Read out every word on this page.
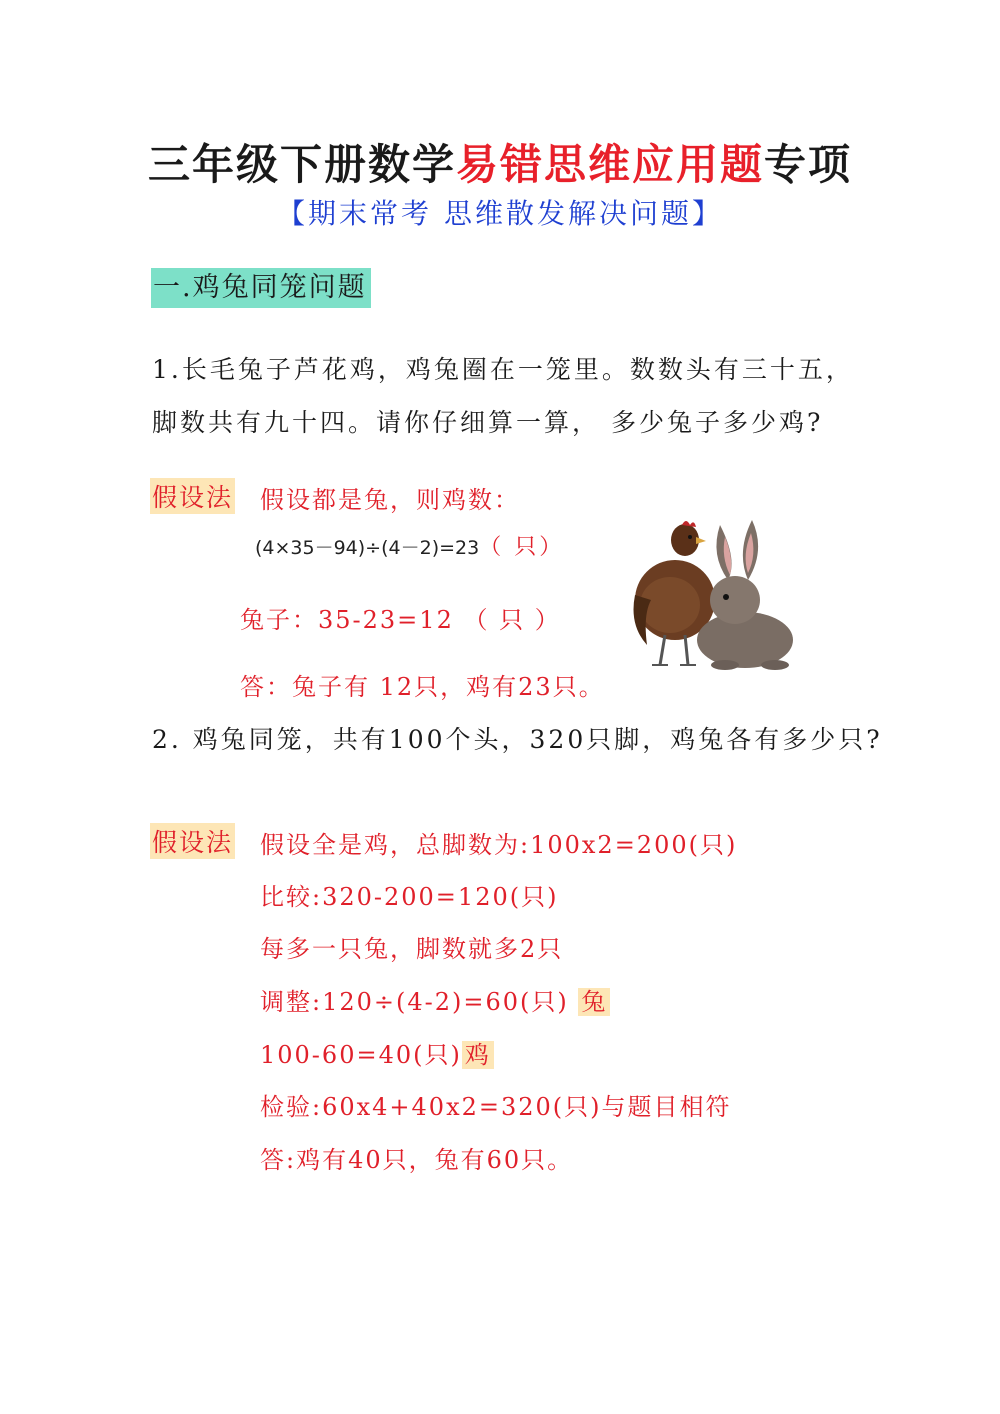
三年级下册数学易错思维应用题专项
【期末常考 思维散发解决问题】
一.鸡兔同笼问题
1.长毛兔子芦花鸡，鸡兔圈在一笼里。数数头有三十五，
脚数共有九十四。请你仔细算一算， 多少兔子多少鸡?
假设法 假设都是兔，则鸡数：
(4×35－94)÷(4－2)=23（ 只）
兔子：35-23=12 （ 只 ）
答：兔子有 12只，鸡有23只。
2. 鸡兔同笼，共有100个头，320只脚，鸡兔各有多少只?
假设法 假设全是鸡，总脚数为:100x2=200(只)
比较:320-200=120(只)
每多一只兔，脚数就多2只
调整:120÷(4-2)=60(只) 兔
100-60=40(只) 鸡
检验:60x4+40x2=320(只)与题目相符
答:鸡有40只，兔有60只。
